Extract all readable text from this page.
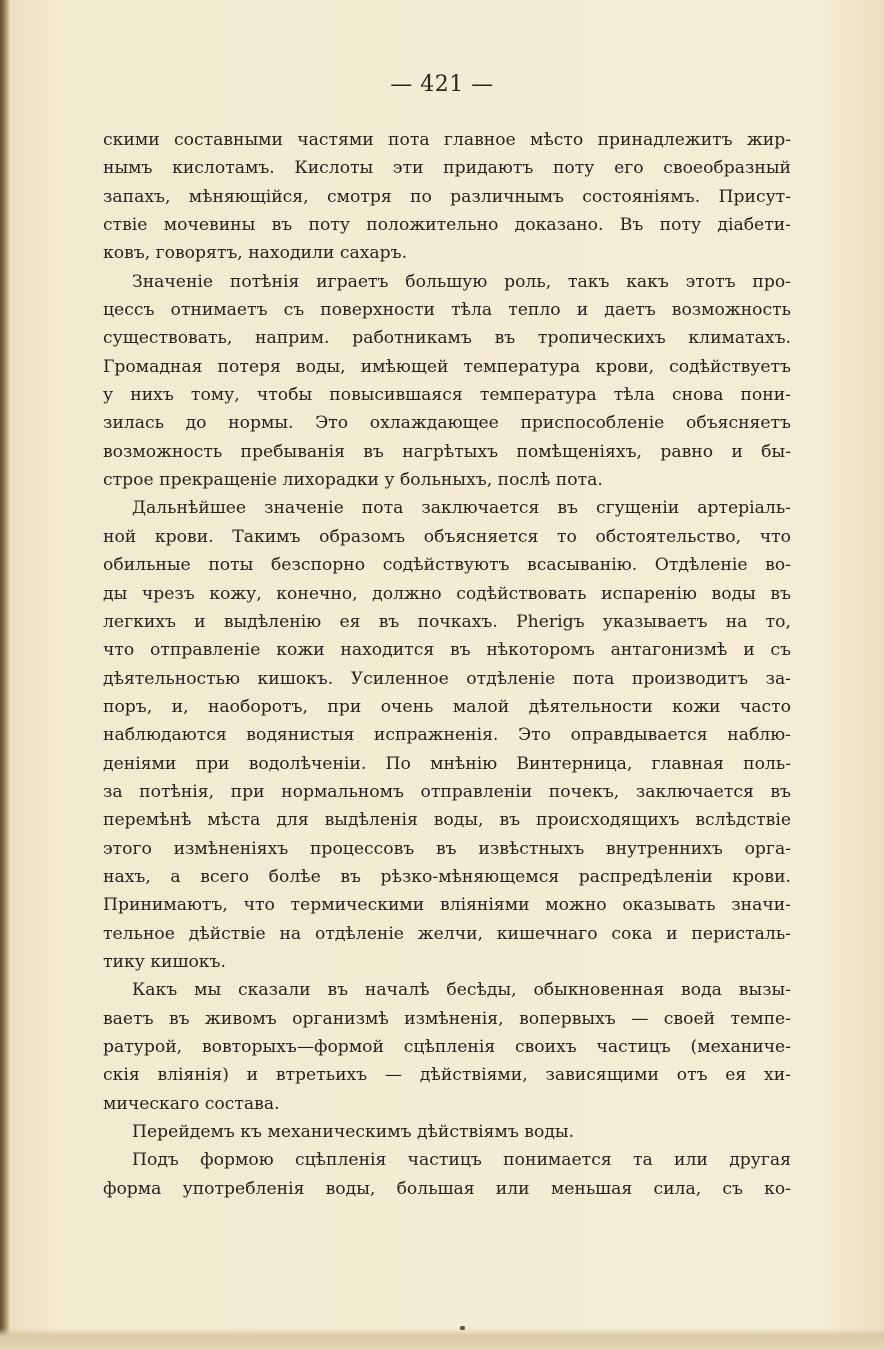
— 421 —
скими составными частями пота главное мѣсто принадлежитъ жир-
нымъ кислотамъ. Кислоты эти придаютъ поту его своеобразный
запахъ, мѣняющійся, смотря по различнымъ состояніямъ. Присут-
ствіе мочевины въ поту положительно доказано. Въ поту діабети-
ковъ, говорятъ, находили сахаръ.
Значеніе потѣнія играетъ большую роль, такъ какъ этотъ про-
цессъ отнимаетъ съ поверхности тѣла тепло и даетъ возможность
существовать, наприм. работникамъ въ тропическихъ климатахъ.
Громадная потеря воды, имѣющей температура крови, содѣйствуетъ
у нихъ тому, чтобы повысившаяся температура тѣла снова пони-
зилась до нормы. Это охлаждающее приспособленіе объясняетъ
возможность пребыванія въ нагрѣтыхъ помѣщеніяхъ, равно и бы-
строе прекращеніе лихорадки у больныхъ, послѣ пота.
Дальнѣйшее значеніе пота заключается въ сгущеніи артеріаль-
ной крови. Такимъ образомъ объясняется то обстоятельство, что
обильные поты безспорно содѣйствуютъ всасыванію. Отдѣленіе во-
ды чрезъ кожу, конечно, должно содѣйствовать испаренію воды въ
легкихъ и выдѣленію ея въ почкахъ. Рherigъ указываетъ на то,
что отправленіе кожи находится въ нѣкоторомъ антагонизмѣ и съ
дѣятельностью кишокъ. Усиленное отдѣленіе пота производитъ за-
поръ, и, наоборотъ, при очень малой дѣятельности кожи часто
наблюдаются водянистыя испражненія. Это оправдывается наблю-
деніями при водолѣченіи. По мнѣнію Винтерница, главная поль-
за потѣнія, при нормальномъ отправленіи почекъ, заключается въ
перемѣнѣ мѣста для выдѣленія воды, въ происходящихъ вслѣдствіе
этого измѣненіяхъ процессовъ въ извѣстныхъ внутреннихъ орга-
нахъ, а всего болѣе въ рѣзко-мѣняющемся распредѣленіи крови.
Принимаютъ, что термическими вліяніями можно оказывать значи-
тельное дѣйствіе на отдѣленіе желчи, кишечнаго сока и перисталь-
тику кишокъ.
Какъ мы сказали въ началѣ бесѣды, обыкновенная вода вызы-
ваетъ въ живомъ организмѣ измѣненія, вопервыхъ — своей темпе-
ратурой, вовторыхъ—формой сцѣпленія своихъ частицъ (механиче-
скія вліянія) и втретьихъ — дѣйствіями, зависящими отъ ея хи-
мическаго состава.
Перейдемъ къ механическимъ дѣйствіямъ воды.
Подъ формою сцѣпленія частицъ понимается та или другая
форма употребленія воды, большая или меньшая сила, съ ко-
